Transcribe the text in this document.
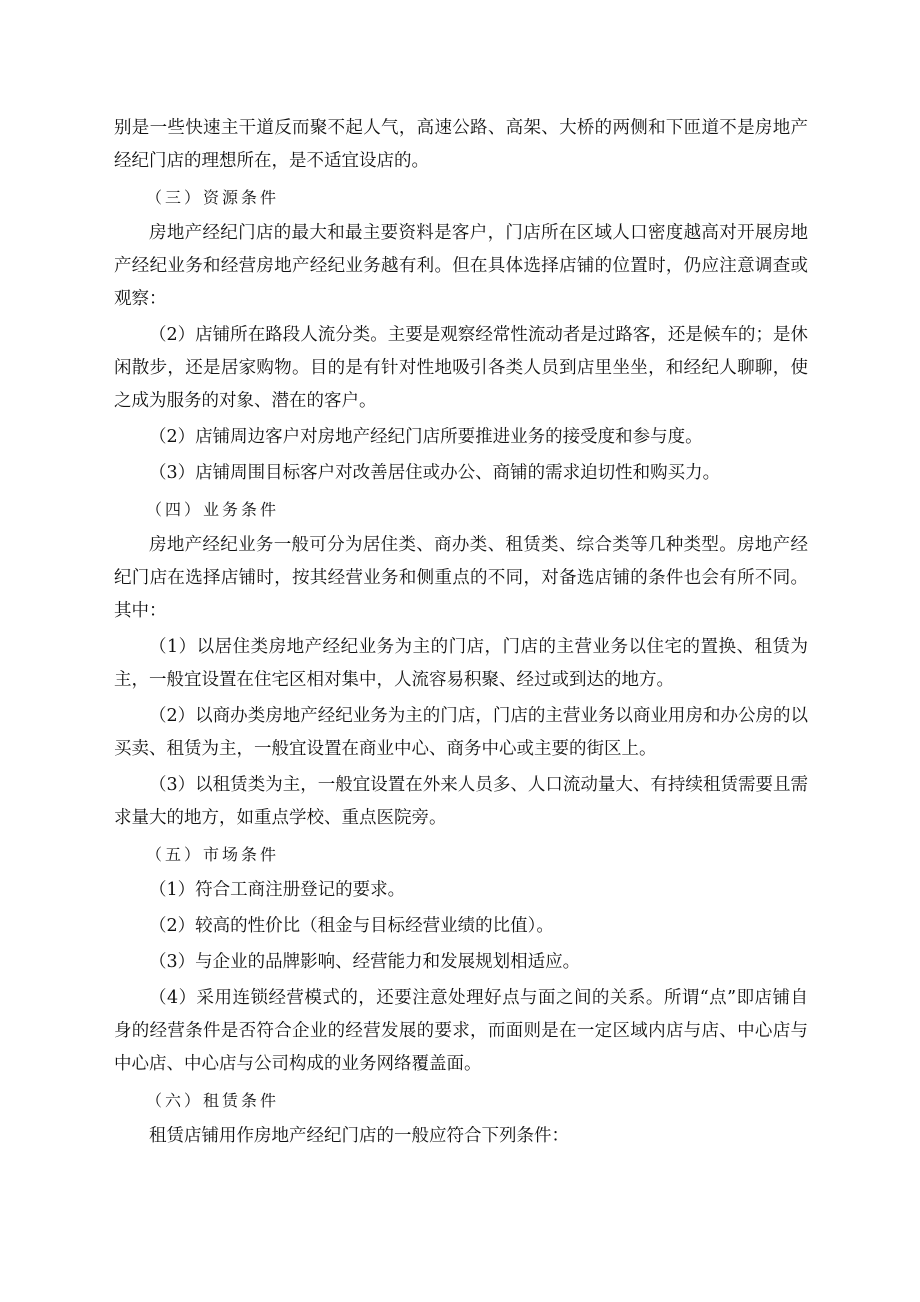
别是一些快速主干道反而聚不起人气，高速公路、高架、大桥的两侧和下匝道不是房地产经纪门店的理想所在，是不适宜设店的。

（三）资源条件

房地产经纪门店的最大和最主要资料是客户，门店所在区域人口密度越高对开展房地产经纪业务和经营房地产经纪业务越有利。但在具体选择店铺的位置时，仍应注意调查或观察：

（2）店铺所在路段人流分类。主要是观察经常性流动者是过路客，还是候车的；是休闲散步，还是居家购物。目的是有针对性地吸引各类人员到店里坐坐，和经纪人聊聊，使之成为服务的对象、潜在的客户。

（2）店铺周边客户对房地产经纪门店所要推进业务的接受度和参与度。

（3）店铺周围目标客户对改善居住或办公、商铺的需求迫切性和购买力。

（四）业务条件

房地产经纪业务一般可分为居住类、商办类、租赁类、综合类等几种类型。房地产经纪门店在选择店铺时，按其经营业务和侧重点的不同，对备选店铺的条件也会有所不同。其中：

（1）以居住类房地产经纪业务为主的门店，门店的主营业务以住宅的置换、租赁为主，一般宜设置在住宅区相对集中，人流容易积聚、经过或到达的地方。

（2）以商办类房地产经纪业务为主的门店，门店的主营业务以商业用房和办公房的以买卖、租赁为主，一般宜设置在商业中心、商务中心或主要的街区上。

（3）以租赁类为主，一般宜设置在外来人员多、人口流动量大、有持续租赁需要且需求量大的地方，如重点学校、重点医院旁。

（五）市场条件

（1）符合工商注册登记的要求。

（2）较高的性价比（租金与目标经营业绩的比值）。

（3）与企业的品牌影响、经营能力和发展规划相适应。

（4）采用连锁经营模式的，还要注意处理好点与面之间的关系。所谓“点”即店铺自身的经营条件是否符合企业的经营发展的要求，而面则是在一定区域内店与店、中心店与中心店、中心店与公司构成的业务网络覆盖面。

（六）租赁条件

租赁店铺用作房地产经纪门店的一般应符合下列条件：
